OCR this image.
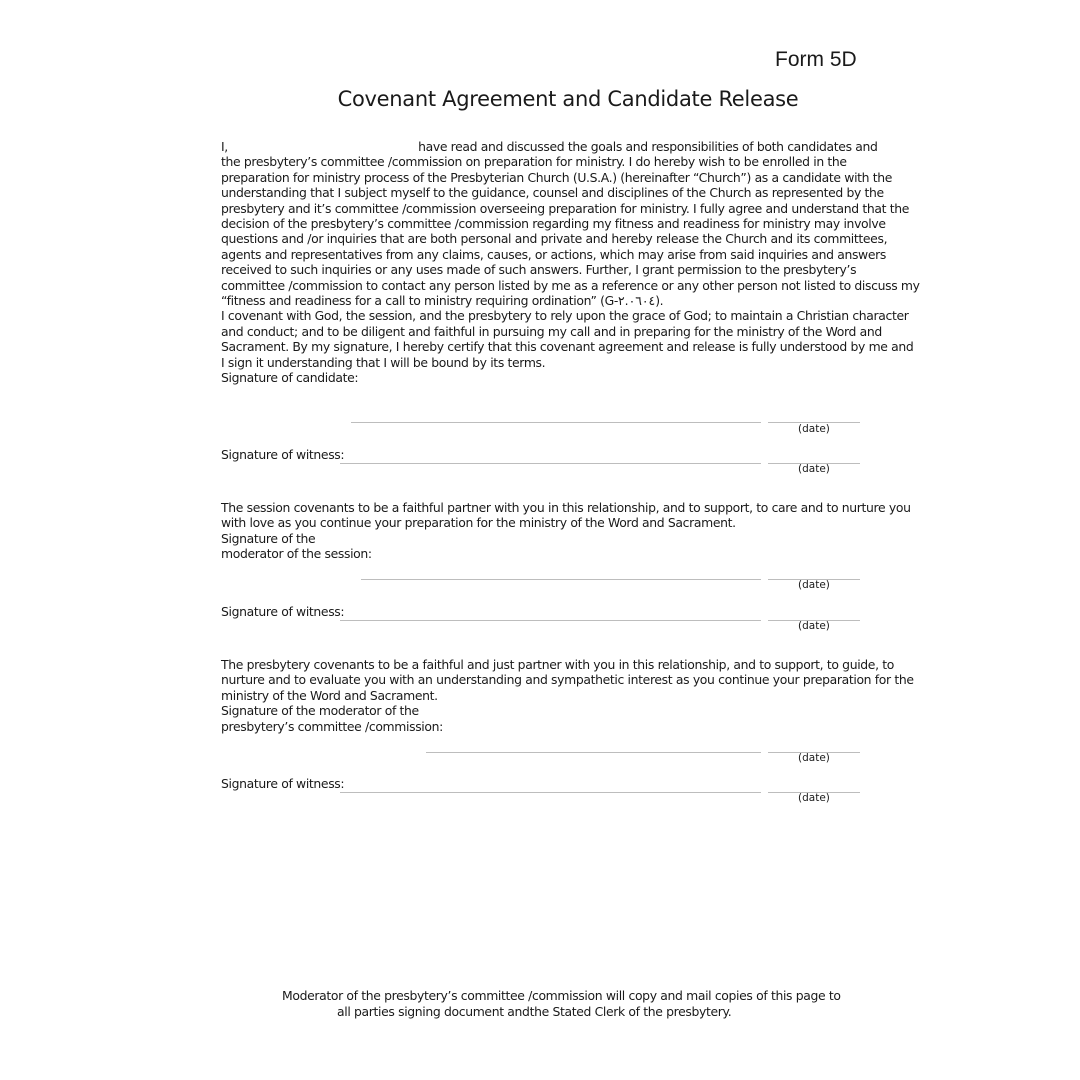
Form 5D
Covenant Agreement and Candidate Release
I,                                                     have read and discussed the goals and responsibilities of both candidates and
the presbytery’s committee /commission on preparation for ministry. I do hereby wish to be enrolled in the
preparation for ministry process of the Presbyterian Church (U.S.A.) (hereinafter “Church”) as a candidate with the
understanding that I subject myself to the guidance, counsel and disciplines of the Church as represented by the
presbytery and it’s committee /commission overseeing preparation for ministry. I fully agree and understand that the
decision of the presbytery’s committee /commission regarding my fitness and readiness for ministry may involve
questions and /or inquiries that are both personal and private and hereby release the Church and its committees,
agents and representatives from any claims, causes, or actions, which may arise from said inquiries and answers
received to such inquiries or any uses made of such answers. Further, I grant permission to the presbytery’s
committee /commission to contact any person listed by me as a reference or any other person not listed to discuss my
“fitness and readiness for a call to ministry requiring ordination” (G-٢.٠٦٠٤).
I covenant with God, the session, and the presbytery to rely upon the grace of God; to maintain a Christian character
and conduct; and to be diligent and faithful in pursuing my call and in preparing for the ministry of the Word and
Sacrament. By my signature, I hereby certify that this covenant agreement and release is fully understood by me and
I sign it understanding that I will be bound by its terms.
Signature of candidate:
(date)
Signature of witness:
(date)
The session covenants to be a faithful partner with you in this relationship, and to support, to care and to nurture you
with love as you continue your preparation for the ministry of the Word and Sacrament.
Signature of the
moderator of the session:
(date)
Signature of witness:
(date)
The presbytery covenants to be a faithful and just partner with you in this relationship, and to support, to guide, to
nurture and to evaluate you with an understanding and sympathetic interest as you continue your preparation for the
ministry of the Word and Sacrament.
Signature of the moderator of the
presbytery’s committee /commission:
(date)
Signature of witness:
(date)
Moderator of the presbytery’s committee /commission will copy and mail copies of this page to
all parties signing document andthe Stated Clerk of the presbytery.
